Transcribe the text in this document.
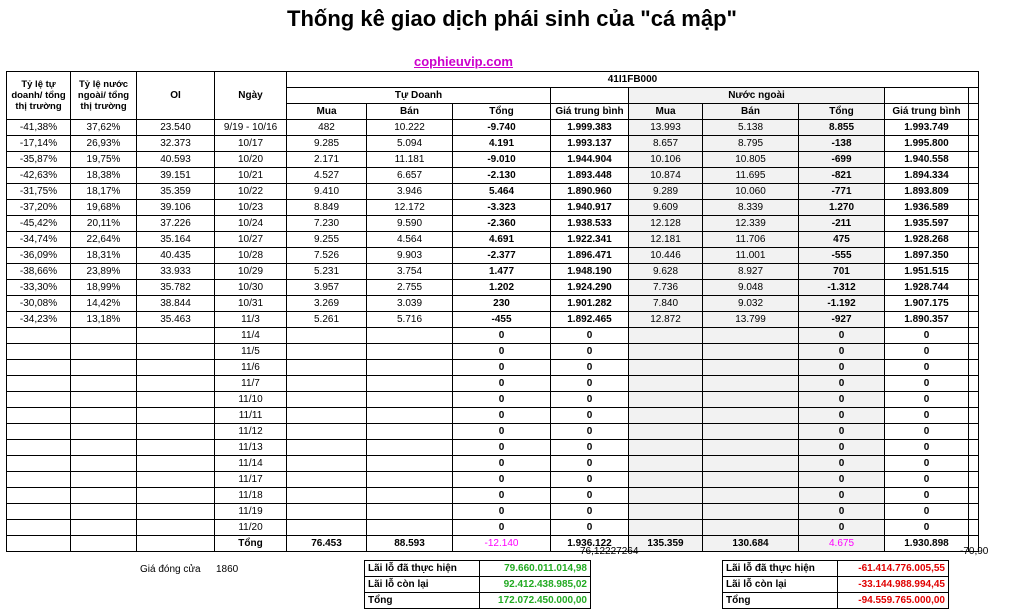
Thống kê giao dịch phái sinh của "cá mập"
cophieuvip.com
Tỷ lệ tự doanh/ tổng thị trường	Tỷ lệ nước ngoài/ tổng thị trường	OI	Ngày	41I1FB000								
				Tự Doanh				Nước ngoài				
				Mua	Bán	Tổng	Giá trung bình	Mua	Bán	Tổng	Giá trung bình	
-41,38%	37,62%	23.540	9/19 - 10/16	482	10.222	-9.740	1.999.383	13.993	5.138	8.855	1.993.749	
-17,14%	26,93%	32.373	10/17	9.285	5.094	4.191	1.993.137	8.657	8.795	-138	1.995.800	
-35,87%	19,75%	40.593	10/20	2.171	11.181	-9.010	1.944.904	10.106	10.805	-699	1.940.558	
-42,63%	18,38%	39.151	10/21	4.527	6.657	-2.130	1.893.448	10.874	11.695	-821	1.894.334	
-31,75%	18,17%	35.359	10/22	9.410	3.946	5.464	1.890.960	9.289	10.060	-771	1.893.809	
-37,20%	19,68%	39.106	10/23	8.849	12.172	-3.323	1.940.917	9.609	8.339	1.270	1.936.589	
-45,42%	20,11%	37.226	10/24	7.230	9.590	-2.360	1.938.533	12.128	12.339	-211	1.935.597	
-34,74%	22,64%	35.164	10/27	9.255	4.564	4.691	1.922.341	12.181	11.706	475	1.928.268	
-36,09%	18,31%	40.435	10/28	7.526	9.903	-2.377	1.896.471	10.446	11.001	-555	1.897.350	
-38,66%	23,89%	33.933	10/29	5.231	3.754	1.477	1.948.190	9.628	8.927	701	1.951.515	
-33,30%	18,99%	35.782	10/30	3.957	2.755	1.202	1.924.290	7.736	9.048	-1.312	1.928.744	
-30,08%	14,42%	38.844	10/31	3.269	3.039	230	1.901.282	7.840	9.032	-1.192	1.907.175	
-34,23%	13,18%	35.463	11/3	5.261	5.716	-455	1.892.465	12.872	13.799	-927	1.890.357	
			11/4			0	0			0	0	
			11/5			0	0			0	0	
			11/6			0	0			0	0	
			11/7			0	0			0	0	
			11/10			0	0			0	0	
			11/11			0	0			0	0	
			11/12			0	0			0	0	
			11/13			0	0			0	0	
			11/14			0	0			0	0	
			11/17			0	0			0	0	
			11/18			0	0			0	0	
			11/19			0	0			0	0	
			11/20			0	0			0	0	
			Tổng	76.453	88.593	-12.140	1.936.122	135.359	130.684	4.675	1.930.898	
76,12227264	-70,90
Giá đóng cửa 1860	Lãi lỗ đã thực hiện	79.660.011.014,98
Lãi lỗ còn lại	92.412.438.985,02
Tổng	172.072.450.000,00
Lãi lỗ đã thực hiện	-61.414.776.005,55
Lãi lỗ còn lại	-33.144.988.994,45
Tổng	-94.559.765.000,00
